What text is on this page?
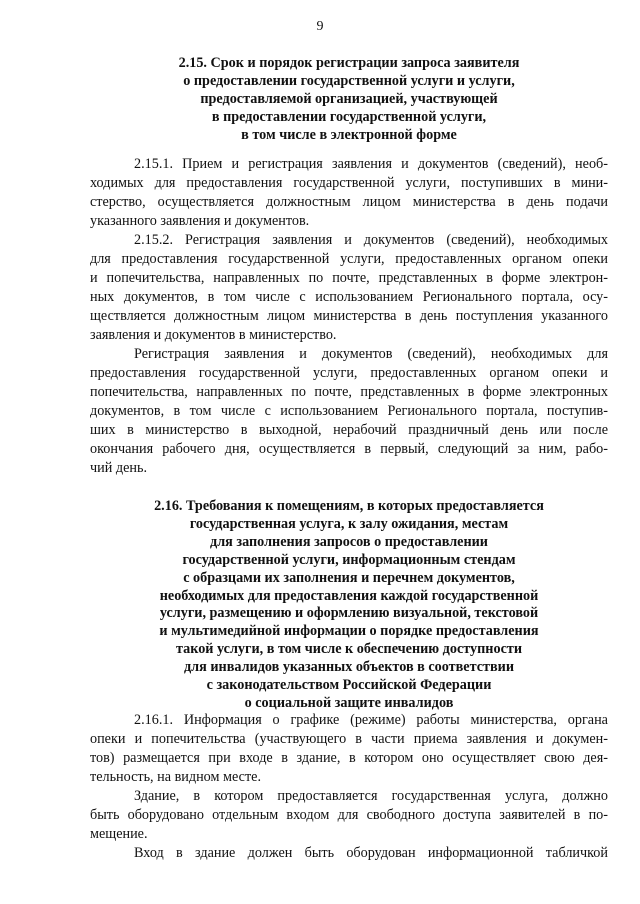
9
2.15. Срок и порядок регистрации запроса заявителя
о предоставлении государственной услуги и услуги,
предоставляемой организацией, участвующей
в предоставлении государственной услуги,
в том числе в электронной форме
2.15.1. Прием и регистрация заявления и документов (сведений), необ-
ходимых для предоставления государственной услуги, поступивших в мини-
стерство, осуществляется должностным лицом министерства в день подачи
указанного заявления и документов.
2.15.2. Регистрация заявления и документов (сведений), необходимых
для предоставления государственной услуги, предоставленных органом опеки
и попечительства, направленных по почте, представленных в форме электрон-
ных документов, в том числе с использованием Регионального портала, осу-
ществляется должностным лицом министерства в день поступления указанного
заявления и документов в министерство.
Регистрация заявления и документов (сведений), необходимых для
предоставления государственной услуги, предоставленных органом опеки и
попечительства, направленных по почте, представленных в форме электронных
документов, в том числе с использованием Регионального портала, поступив-
ших в министерство в выходной, нерабочий праздничный день или после
окончания рабочего дня, осуществляется в первый, следующий за ним, рабо-
чий день.
2.16. Требования к помещениям, в которых предоставляется
государственная услуга, к залу ожидания, местам
для заполнения запросов о предоставлении
государственной услуги, информационным стендам
с образцами их заполнения и перечнем документов,
необходимых для предоставления каждой государственной
услуги, размещению и оформлению визуальной, текстовой
и мультимедийной информации о порядке предоставления
такой услуги, в том числе к обеспечению доступности
для инвалидов указанных объектов в соответствии
с законодательством Российской Федерации
о социальной защите инвалидов
2.16.1. Информация о графике (режиме) работы министерства, органа
опеки и попечительства (участвующего в части приема заявления и докумен-
тов) размещается при входе в здание, в котором оно осуществляет свою дея-
тельность, на видном месте.
Здание, в котором предоставляется государственная услуга, должно
быть оборудовано отдельным входом для свободного доступа заявителей в по-
мещение.
Вход в здание должен быть оборудован информационной табличкой
